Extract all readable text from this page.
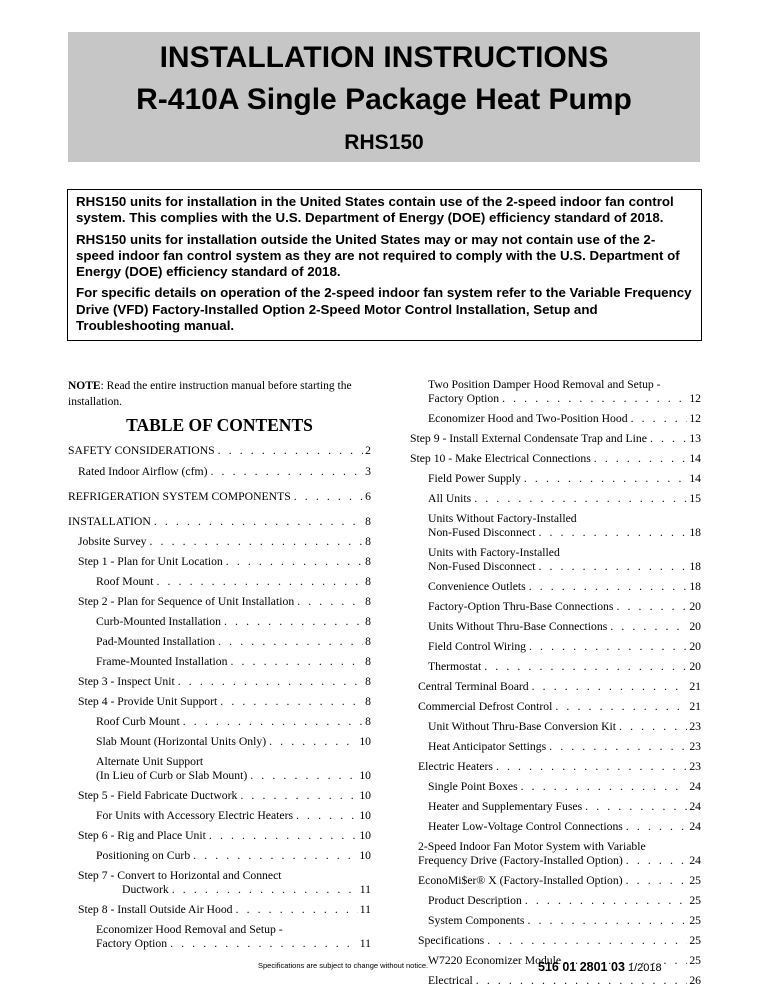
INSTALLATION INSTRUCTIONS
R-410A Single Package Heat Pump
RHS150

RHS150 units for installation in the United States contain use of the 2-speed indoor fan control system. This complies with the U.S. Department of Energy (DOE) efficiency standard of 2018.

RHS150 units for installation outside the United States may or may not contain use of the 2-speed indoor fan control system as they are not required to comply with the U.S. Department of Energy (DOE) efficiency standard of 2018.

For specific details on operation of the 2-speed indoor fan system refer to the Variable Frequency Drive (VFD) Factory-Installed Option 2-Speed Motor Control Installation, Setup and Troubleshooting manual.

NOTE: Read the entire instruction manual before starting the installation.
TABLE OF CONTENTS
SAFETY CONSIDERATIONS . . .	2
Rated Indoor Airflow (cfm) . . .	3
REFRIGERATION SYSTEM COMPONENTS . . .	6
INSTALLATION . . .	8
Jobsite Survey . . .	8
Step 1 - Plan for Unit Location . . .	8
Roof Mount . . .	8
Step 2 - Plan for Sequence of Unit Installation . . .	8
Curb-Mounted Installation . . .	8
Pad-Mounted Installation . . .	8
Frame-Mounted Installation . . .	8
Step 3 - Inspect Unit . . .	8
Step 4 - Provide Unit Support . . .	8
Roof Curb Mount . . .	8
Slab Mount (Horizontal Units Only) . . .	10
Alternate Unit Support
(In Lieu of Curb or Slab Mount) . . .	10
Step 5 - Field Fabricate Ductwork . . .	10
For Units with Accessory Electric Heaters . . .	10
Step 6 - Rig and Place Unit . . .	10
Positioning on Curb . . .	10
Step 7 - Convert to Horizontal and Connect
Ductwork . . .	11
Step 8 - Install Outside Air Hood . . .	11
Economizer Hood Removal and Setup -
Factory Option . . .	11
Two Position Damper Hood Removal and Setup -
Factory Option . . .	12
Economizer Hood and Two-Position Hood . . .	12
Step 9 - Install External Condensate Trap and Line . . .	13
Step 10 - Make Electrical Connections . . .	14
Field Power Supply . . .	14
All Units . . .	15
Units Without Factory-Installed
Non-Fused Disconnect . . .	18
Units with Factory-Installed
Non-Fused Disconnect . . .	18
Convenience Outlets . . .	18
Factory-Option Thru-Base Connections . . .	20
Units Without Thru-Base Connections . . .	20
Field Control Wiring . . .	20
Thermostat . . .	20
Central Terminal Board . . .	21
Commercial Defrost Control . . .	21
Unit Without Thru-Base Conversion Kit . . .	23
Heat Anticipator Settings . . .	23
Electric Heaters . . .	23
Single Point Boxes . . .	24
Heater and Supplementary Fuses . . .	24
Heater Low-Voltage Control Connections . . .	24
2-Speed Indoor Fan Motor System with Variable
Frequency Drive (Factory-Installed Option) . . .	24
EconoMi$er® X (Factory-Installed Option) . . .	25
Product Description . . .	25
System Components . . .	25
Specifications . . .	25
W7220 Economizer Module . . .	25
Electrical . . .	26
Specifications are subject to change without notice.	516 01 2801 03 1/2018
